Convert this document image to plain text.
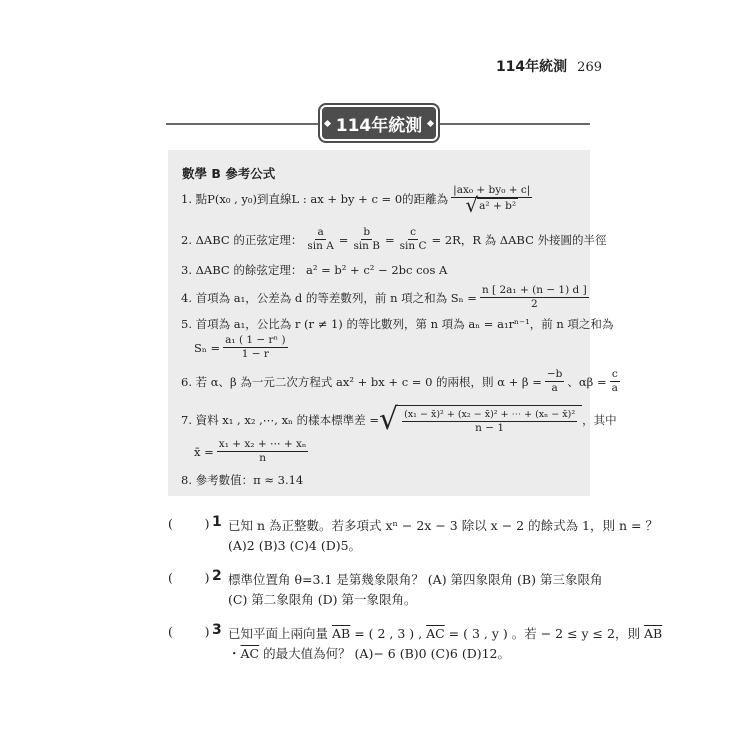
114年統測 269
114年統測
數學 B 參考公式
1. 點 P(x₀ , y₀) 到直線 L : ax + by + c = 0 的距離為 $\frac{\text{|ax₀ + by₀ + c|}}{\text{√ a² + b²}}$
2. ΔABC 的正弦定理： $\frac{a}{\text{sin A}} = \frac{b}{\text{sin B}} = \frac{c}{\text{sin C}} = 2R$ ，R 為 ΔABC 外接圓的半徑
3. ΔABC 的餘弦定理： a² = b² + c² − 2bc cos A
4. 首項為 a₁，公差為 d 的等差數列，前 n 項之和為 $S_n = \frac{\text{n [ 2a₁ + (n − 1) d ]}}{2}$
5. 首項為 a₁，公比為 r (r ≠ 1) 的等比數列，第 n 項為 aₙ = a₁rⁿ⁻¹，前 n 項之和為
$S_n = \frac{\text{a₁ ( 1 − rⁿ )}}{1 - r}$
6. 若 α、β 為一元二次方程式 ax² + bx + c = 0 的兩根，則 $\alpha + \beta = \frac{-b}{a}$ 、$\alpha\beta = \frac{c}{a}$
7. 資料 x₁ , x₂ ,⋯, xₙ 的樣本標準差 = √ $\frac{\text{(x₁ − x̄)² + (x₂ − x̄)² + ⋯ + (xₙ − x̄)²}}{n - 1}$ ，其中
x̄ = $\frac{\text{x₁ + x₂ + ⋯ + xₙ}}{n}$
8. 參考數值：π ≈ 3.14
(        ) 1 已知 n 為正整數。若多項式 xⁿ − 2x − 3 除以 x − 2 的餘式為 1，則 n = ？
(A)2 (B)3 (C)4 (D)5。
(        ) 2 標準位置角 θ=3.1 是第幾象限角？ (A) 第四象限角 (B) 第三象限角
(C) 第二象限角 (D) 第一象限角。
(        ) 3 已知平面上兩向量 $\overline{AB}$ = ( 2 , 3 ) , $\overline{AC}$ = ( 3 , y ) 。若 − 2 ≤ y ≤ 2，則 $\overline{AB}$
・$\overline{AC}$ 的最大值為何？ (A)− 6 (B)0 (C)6 (D)12。
